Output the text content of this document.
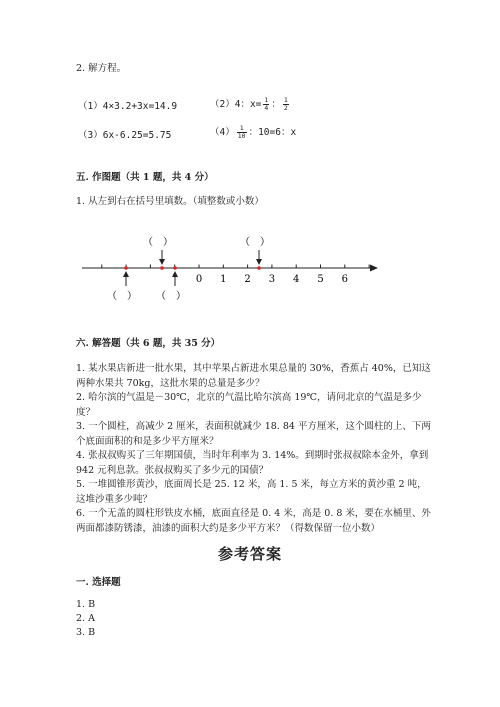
2. 解方程。
（1）4×3.2+3x=14.9	（2）4：$x= \frac{1}{4}$ ： $\frac{1}{2}$
（3）6x-6.25=5.75	$(4) \frac{1}{10}$ ：10=6：x
五. 作图题（共 1 题，共 4 分）
1. 从左到右在括号里填数。（填整数或小数）
0 1 2 3 4 5 6
（　）	（　）
（　） （　）
六. 解答题（共 6 题，共 35 分）
1. 某水果店新进一批水果，其中苹果占新进水果总量的 30%，香蕉占 40%，已知这两种水果共 70kg，这批水果的总量是多少？
2. 哈尔滨的气温是－30℃，北京的气温比哈尔滨高 19℃，请问北京的气温是多少度？
3. 一个圆柱，高减少 2 厘米，表面积就减少 18. 84 平方厘米，这个圆柱的上、下两个底面面积的和是多少平方厘米？
4. 张叔叔购买了三年期国债，当时年利率为 3. 14%。到期时张叔叔除本金外，拿到 942 元利息款。张叔叔购买了多少元的国债？
5. 一堆圆锥形黄沙，底面周长是 25. 12 米，高 1. 5 米，每立方米的黄沙重 2 吨，这堆沙重多少吨？
6. 一个无盖的圆柱形铁皮水桶，底面直径是 0. 4 米，高是 0. 8 米，要在水桶里、外两面都漆防锈漆，油漆的面积大约是多少平方米？（得数保留一位小数）
参考答案
一. 选择题
1. B
2. A
3. B
